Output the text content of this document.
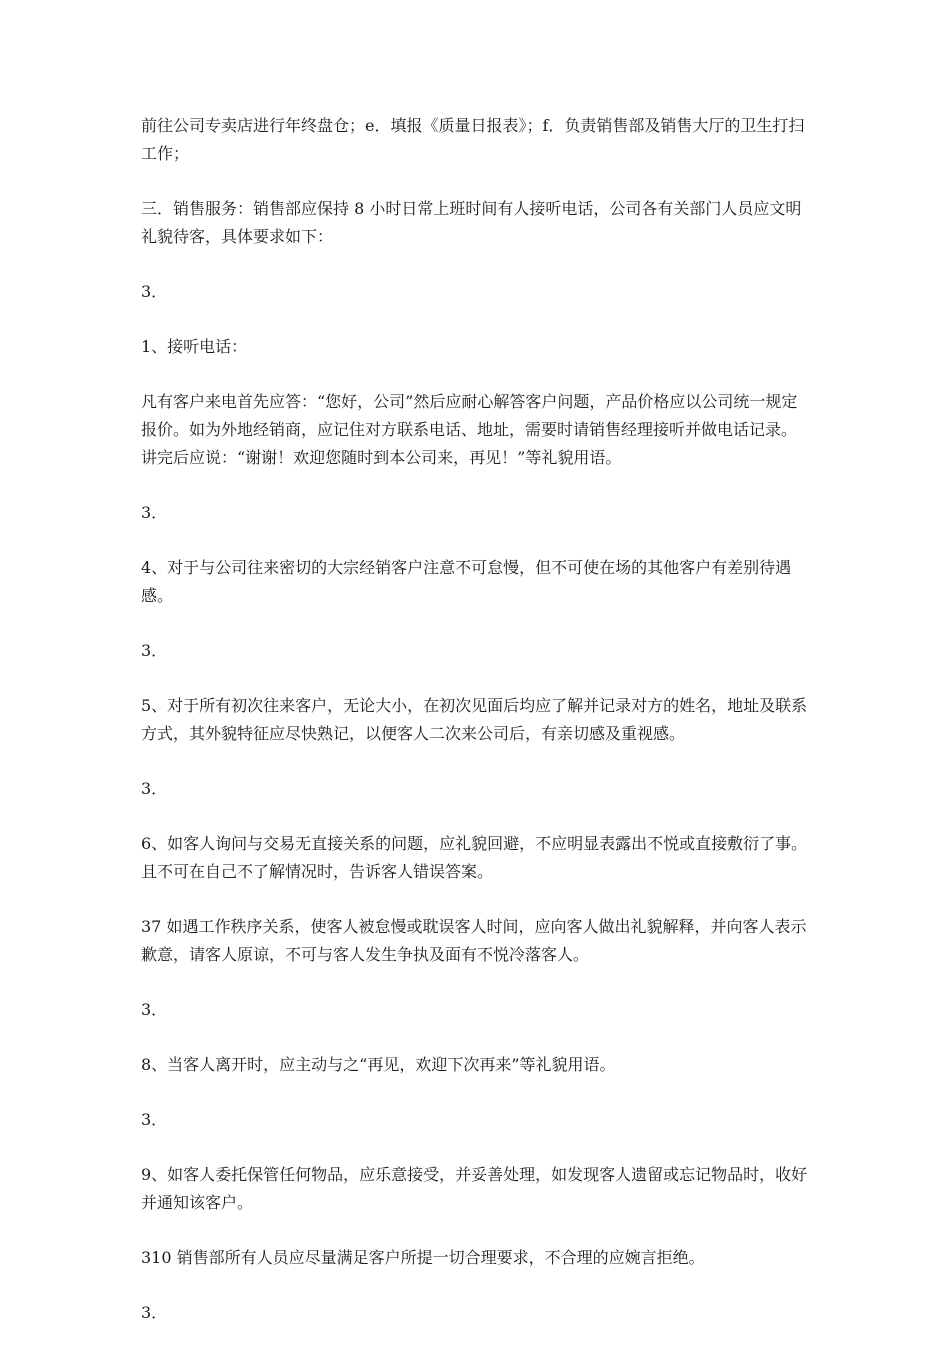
前往公司专卖店进行年终盘仓；e．填报《质量日报表》；f．负责销售部及销售大厅的卫生打扫工作；

三．销售服务：销售部应保持 8 小时日常上班时间有人接听电话，公司各有关部门人员应文明礼貌待客，具体要求如下：

3．

1、接听电话：

凡有客户来电首先应答：“您好，公司”然后应耐心解答客户问题，产品价格应以公司统一规定报价。如为外地经销商，应记住对方联系电话、地址，需要时请销售经理接听并做电话记录。讲完后应说：“谢谢！欢迎您随时到本公司来，再见！”等礼貌用语。

3．

4、对于与公司往来密切的大宗经销客户注意不可怠慢，但不可使在场的其他客户有差别待遇感。

3．

5、对于所有初次往来客户，无论大小，在初次见面后均应了解并记录对方的姓名，地址及联系方式，其外貌特征应尽快熟记，以便客人二次来公司后，有亲切感及重视感。

3．

6、如客人询问与交易无直接关系的问题，应礼貌回避，不应明显表露出不悦或直接敷衍了事。且不可在自己不了解情况时，告诉客人错误答案。

37 如遇工作秩序关系，使客人被怠慢或耽误客人时间，应向客人做出礼貌解释，并向客人表示歉意，请客人原谅，不可与客人发生争执及面有不悦冷落客人。

3．

8、当客人离开时，应主动与之“再见，欢迎下次再来”等礼貌用语。

3．

9、如客人委托保管任何物品，应乐意接受，并妥善处理，如发现客人遗留或忘记物品时，收好并通知该客户。

310 销售部所有人员应尽量满足客户所提一切合理要求，不合理的应婉言拒绝。

3．
